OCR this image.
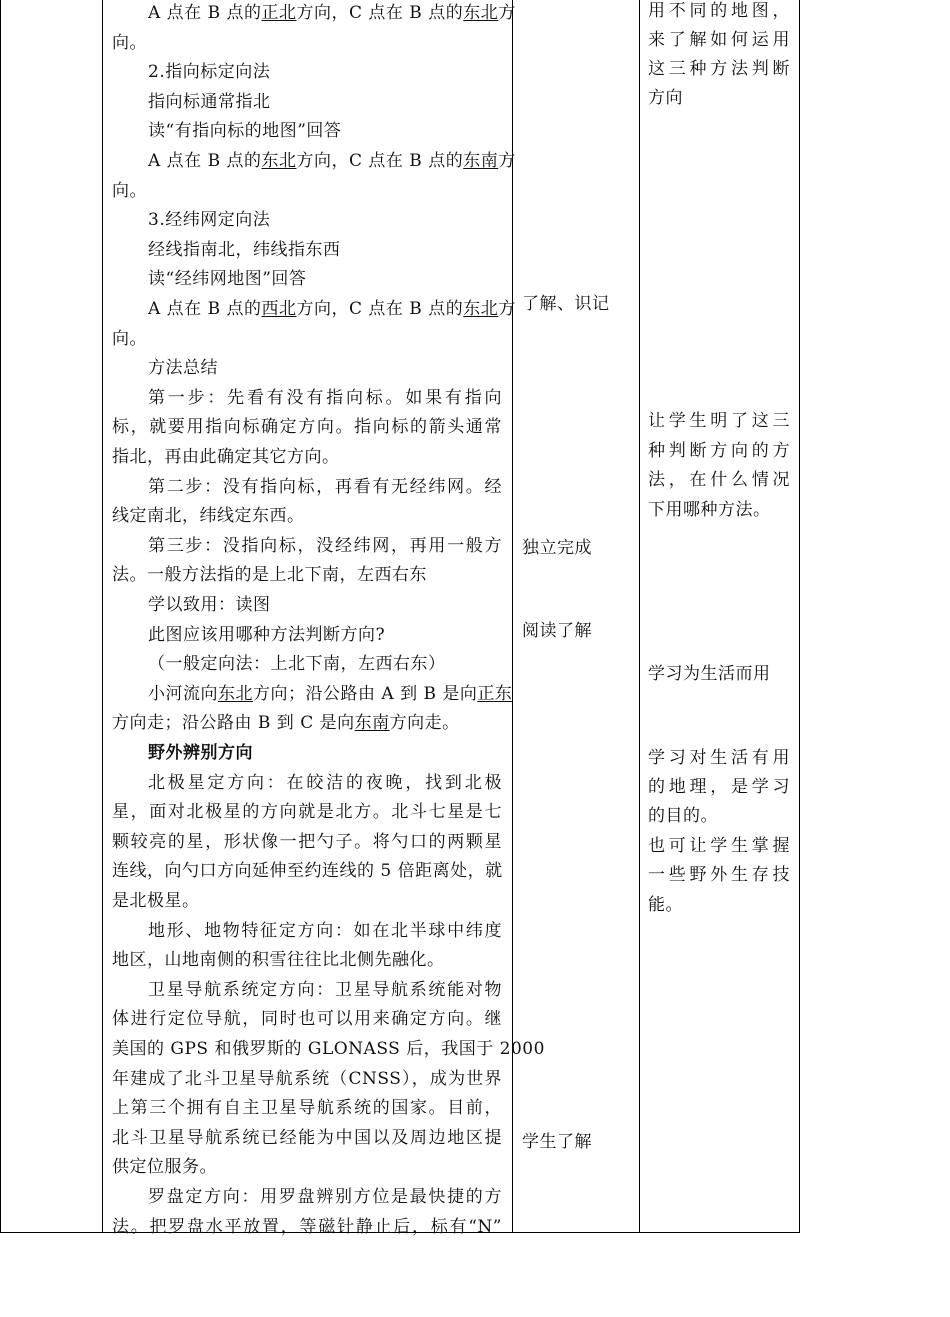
A 点在 B 点的正北方向，C 点在 B 点的东北方
向。
2.指向标定向法
指向标通常指北
读“有指向标的地图”回答
A 点在 B 点的东北方向，C 点在 B 点的东南方
向。
3.经纬网定向法
经线指南北，纬线指东西
读“经纬网地图”回答
A 点在 B 点的西北方向，C 点在 B 点的东北方
向。
方法总结
第一步：先看有没有指向标。如果有指向
标，就要用指向标确定方向。指向标的箭头通常
指北，再由此确定其它方向。
第二步：没有指向标，再看有无经纬网。经
线定南北，纬线定东西。
第三步：没指向标，没经纬网，再用一般方
法。一般方法指的是上北下南，左西右东
学以致用：读图
此图应该用哪种方法判断方向?
（一般定向法：上北下南，左西右东）
小河流向东北方向；沿公路由 A 到 B 是向正东
方向走；沿公路由 B 到 C 是向东南方向走。
野外辨别方向
北极星定方向：在皎洁的夜晚，找到北极
星，面对北极星的方向就是北方。北斗七星是七
颗较亮的星，形状像一把勺子。将勺口的两颗星
连线，向勺口方向延伸至约连线的 5 倍距离处，就
是北极星。
地形、地物特征定方向：如在北半球中纬度
地区，山地南侧的积雪往往比北侧先融化。
卫星导航系统定方向：卫星导航系统能对物
体进行定位导航，同时也可以用来确定方向。继
美国的 GPS 和俄罗斯的 GLONASS 后，我国于 2000
年建成了北斗卫星导航系统（CNSS），成为世界
上第三个拥有自主卫星导航系统的国家。目前，
北斗卫星导航系统已经能为中国以及周边地区提
供定位服务。
罗盘定方向：用罗盘辨别方位是最快捷的方
法。把罗盘水平放置，等磁针静止后，标有“N”
了解、识记
独立完成
阅读了解
学生了解
用不同的地图，
来了解如何运用
这三种方法判断
方向
让学生明了这三
种判断方向的方
法，在什么情况
下用哪种方法。
学习为生活而用
学习对生活有用
的地理，是学习
的目的。
也可让学生掌握
一些野外生存技
能。
